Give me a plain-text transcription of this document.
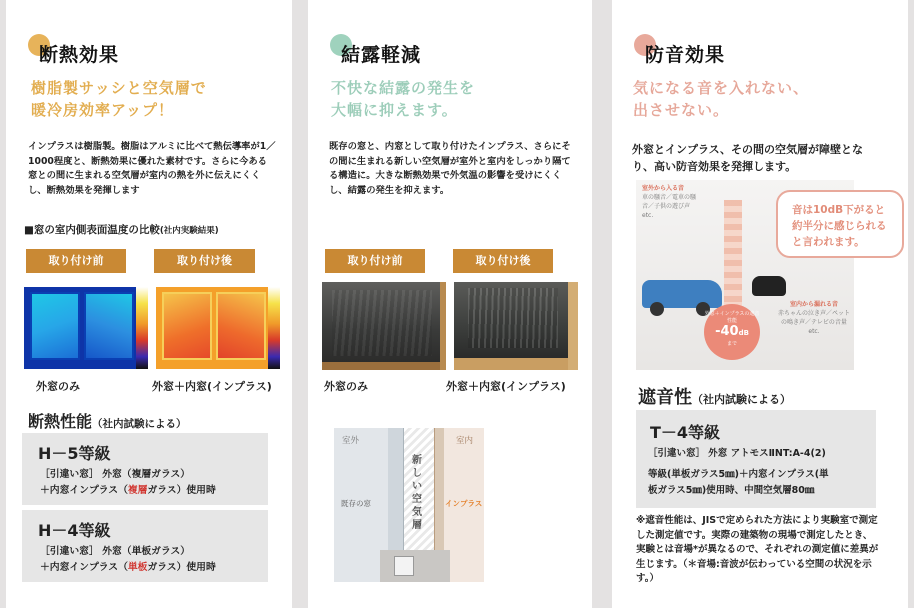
断熱効果
樹脂製サッシと空気層で
暖冷房効率アップ！
インプラスは樹脂製。樹脂はアルミに比べて熱伝導率が1／1000程度と、断熱効果に優れた素材です。さらに今ある窓との間に生まれる空気層が室内の熱を外に伝えにくくし、断熱効果を発揮します
■窓の室内側表面温度の比較(社内実験結果)
取り付け前	取り付け後
外窓のみ	外窓＋内窓(インプラス)
断熱性能（社内試験による）
H－5等級
［引違い窓］ 外窓（複層ガラス）
＋内窓インプラス（複層ガラス）使用時
H－4等級
［引違い窓］ 外窓（単板ガラス）
＋内窓インプラス（単板ガラス）使用時
結露軽減
不快な結露の発生を
大幅に抑えます。
既存の窓と、内窓として取り付けたインプラス、さらにその間に生まれる新しい空気層が室外と室内をしっかり隔てる構造に。大きな断熱効果で外気温の影響を受けにくくし、結露の発生を抑えます。
取り付け前	取り付け後
外窓のみ	外窓＋内窓(インプラス)
室外	室内
新しい空気層
既存の窓	インプラス
防音効果
気になる音を入れない、
出させない。
外窓とインプラス、その間の空気層が障壁となり、高い防音効果を発揮します。
室外から入る音
車の騒音／電車の騒音／子供の遊び声
etc.
外窓＋インプラスの遮音性能
-40dB
まで
室内から漏れる音
赤ちゃんの泣き声／ペットの鳴き声／テレビの音量
etc.
音は10dB下がると約半分に感じられると言われます。
遮音性（社内試験による）
T－4等級
［引違い窓］ 外窓 アトモスⅡNT:A-4(2)
等級(単板ガラス5㎜)＋内窓インプラス(単
板ガラス5㎜)使用時、中間空気層80㎜
※遮音性能は、JISで定められた方法により実験室で測定した測定値です。実際の建築物の現場で測定したとき、実験とは音場*が異なるので、それぞれの測定値に差異が生じます。（＊音場:音波が伝わっている空間の状況を示す。）
